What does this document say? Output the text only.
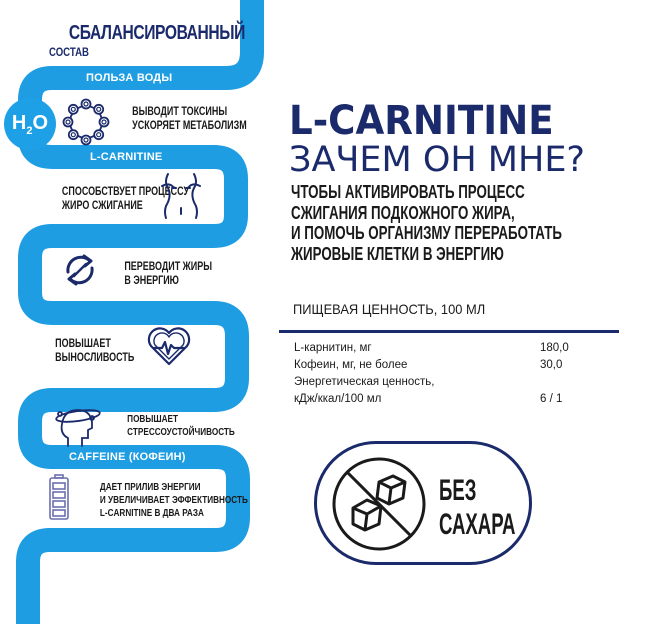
СБАЛАНСИРОВАННЫЙ
СОСТАВ
ПОЛЬЗА ВОДЫ
$H_2O$	ВЫВОДИТ ТОКСИНЫ
УСКОРЯЕТ МЕТАБОЛИЗМ
L-CARNITINE
СПОСОБСТВУЕТ ПРОЦЕССУ
ЖИРО СЖИГАНИЕ
ПЕРЕВОДИТ ЖИРЫ
В ЭНЕРГИЮ
ПОВЫШАЕТ
ВЫНОСЛИВОСТЬ
ПОВЫШАЕТ
СТРЕССОУСТОЙЧИВОСТЬ
CAFFEINE (КОФЕИН)
ДАЕТ ПРИЛИВ ЭНЕРГИИ
И УВЕЛИЧИВАЕТ ЭФФЕКТИВНОСТЬ
L-CARNITINE В ДВА РАЗА
L-CARNITINE
ЗАЧЕМ ОН МНЕ?
ЧТОБЫ АКТИВИРОВАТЬ ПРОЦЕСС
СЖИГАНИЯ ПОДКОЖНОГО ЖИРА,
И ПОМОЧЬ ОРГАНИЗМУ ПЕРЕРАБОТАТЬ
ЖИРОВЫЕ КЛЕТКИ В ЭНЕРГИЮ
ПИЩЕВАЯ ЦЕННОСТЬ, 100 МЛ
L-карнитин, мг	180,0
Кофеин, мг, не более	30,0
Энергетическая ценность,
кДж/ккал/100 мл	6 / 1
БЕЗ
САХАРА
